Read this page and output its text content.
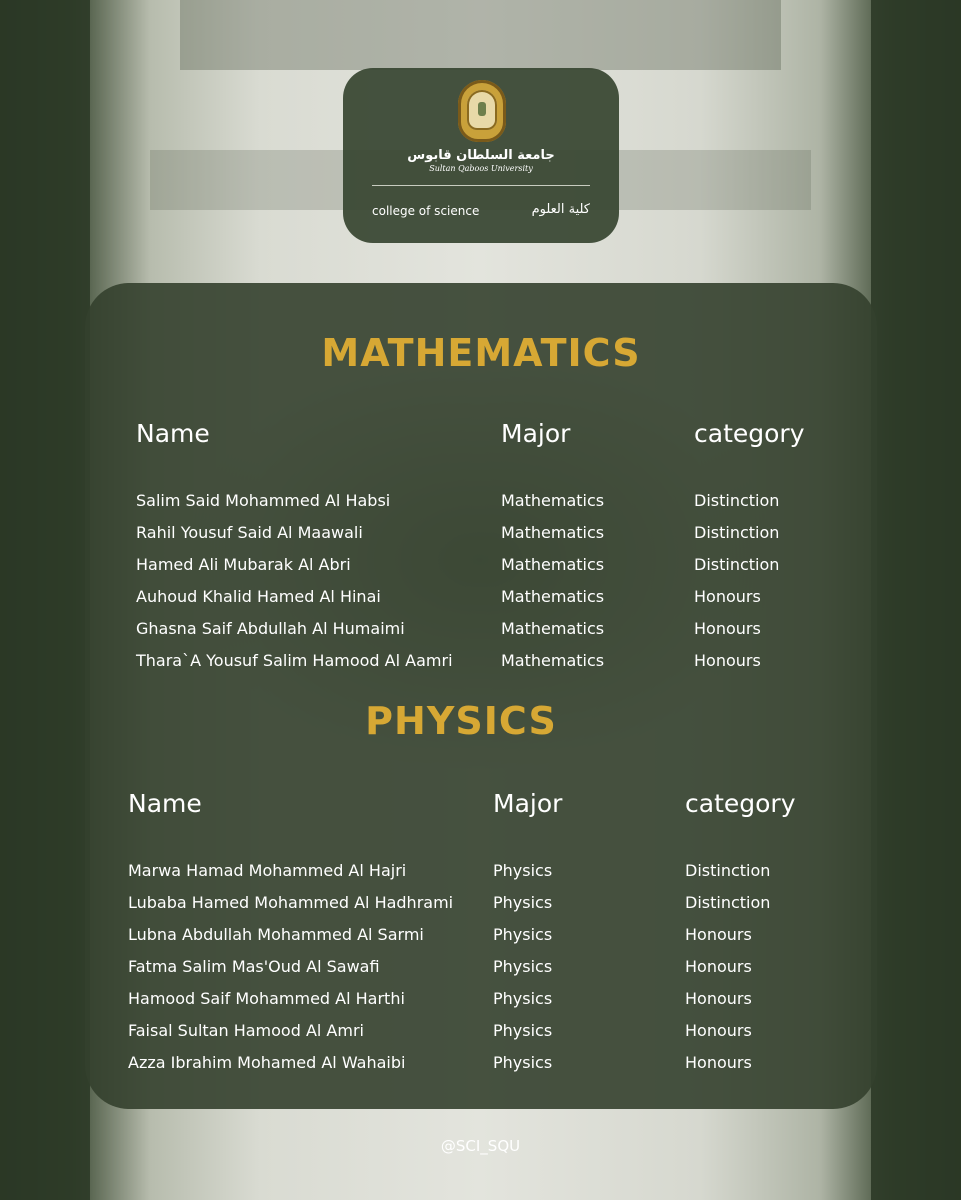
جامعة السلطان قابوس
Sultan Qaboos University
college of science	كلية العلوم
MATHEMATICS
Name	Major	category
Salim Said Mohammed Al Habsi	Mathematics	Distinction
Rahil Yousuf Said Al Maawali	Mathematics	Distinction
Hamed Ali Mubarak Al Abri	Mathematics	Distinction
Auhoud Khalid Hamed Al Hinai	Mathematics	Honours
Ghasna Saif Abdullah Al Humaimi	Mathematics	Honours
Thara`A Yousuf Salim Hamood Al Aamri	Mathematics	Honours
PHYSICS
Name	Major	category
Marwa Hamad Mohammed Al Hajri	Physics	Distinction
Lubaba Hamed Mohammed Al Hadhrami Physics	Distinction
Lubna Abdullah Mohammed Al Sarmi	Physics	Honours
Fatma Salim Mas'Oud Al Sawafi	Physics	Honours
Hamood Saif Mohammed Al Harthi	Physics	Honours
Faisal Sultan Hamood Al Amri	Physics	Honours
Azza Ibrahim Mohamed Al Wahaibi	Physics	Honours
@SCI_SQU
